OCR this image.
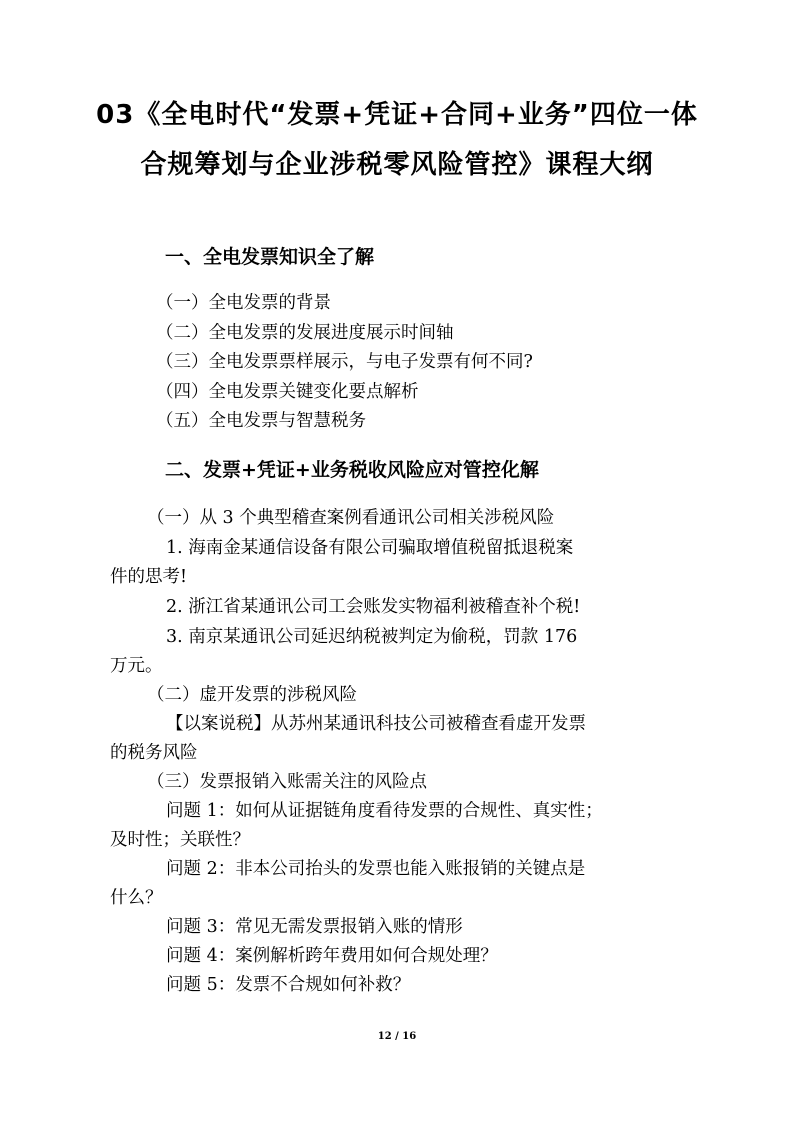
03《全电时代“发票+凭证+合同+业务”四位一体
合规筹划与企业涉税零风险管控》课程大纲
一、全电发票知识全了解
（一）全电发票的背景
（二）全电发票的发展进度展示时间轴
（三）全电发票票样展示，与电子发票有何不同?
（四）全电发票关键变化要点解析
（五）全电发票与智慧税务
二、发票+凭证+业务税收风险应对管控化解
（一）从 3 个典型稽查案例看通讯公司相关涉税风险
1. 海南金某通信设备有限公司骗取增值税留抵退税案
件的思考!
2. 浙江省某通讯公司工会账发实物福利被稽查补个税!
3. 南京某通讯公司延迟纳税被判定为偷税，罚款 176
万元。
（二）虚开发票的涉税风险
【以案说税】从苏州某通讯科技公司被稽查看虚开发票
的税务风险
（三）发票报销入账需关注的风险点
问题 1：如何从证据链角度看待发票的合规性、真实性；
及时性；关联性？
问题 2：非本公司抬头的发票也能入账报销的关键点是
什么？
问题 3：常见无需发票报销入账的情形
问题 4：案例解析跨年费用如何合规处理？
问题 5：发票不合规如何补救？
12 / 16
